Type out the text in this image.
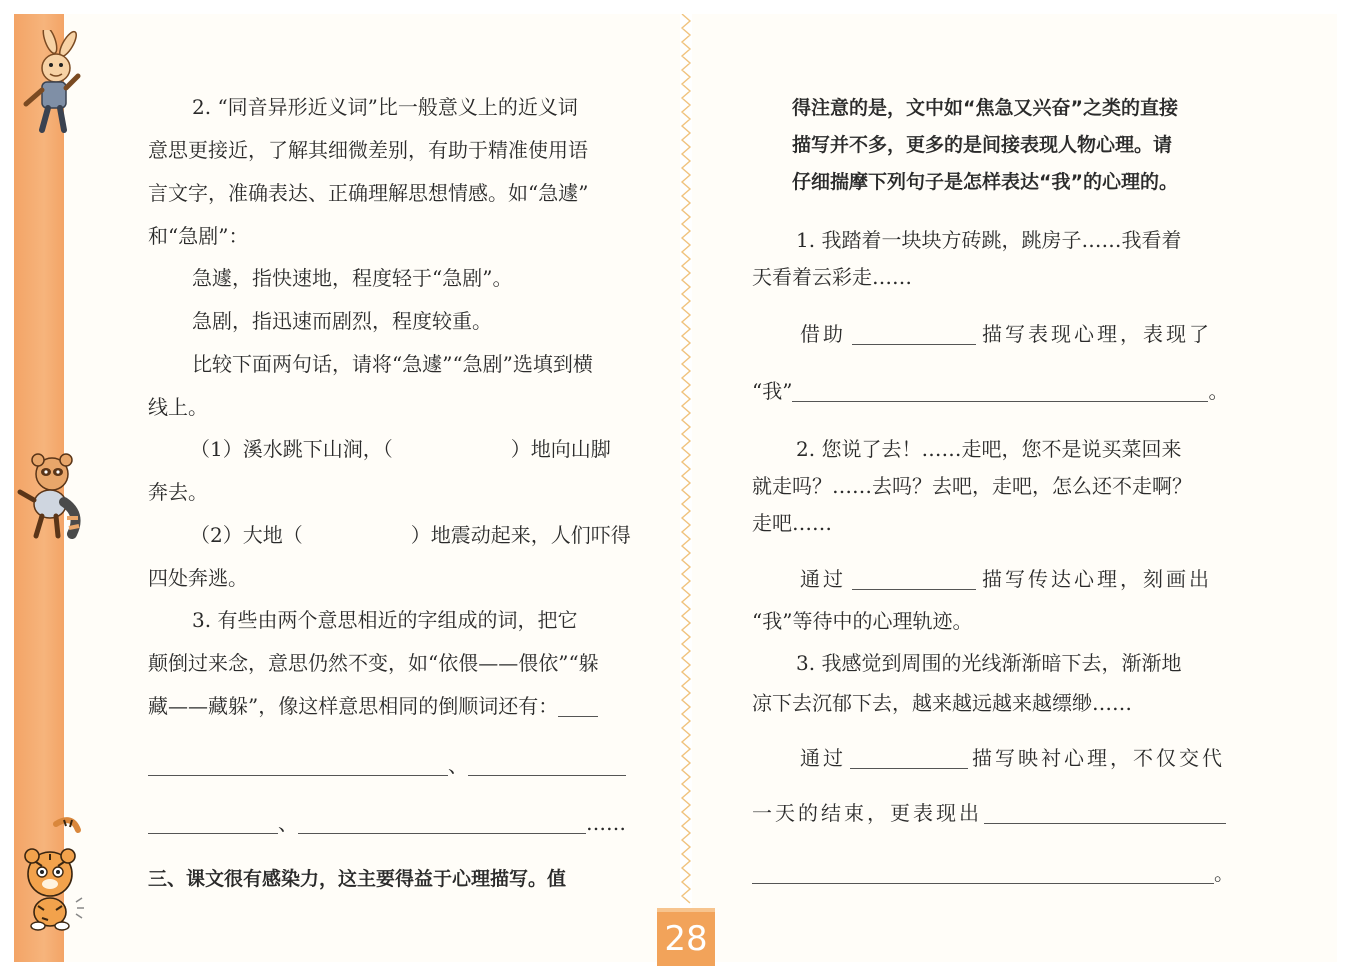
2. “同音异形近义词”比一般意义上的近义词
意思更接近，了解其细微差别，有助于精准使用语
言文字，准确表达、正确理解思想情感。如“急遽”
和“急剧”：
急遽，指快速地，程度轻于“急剧”。
急剧，指迅速而剧烈，程度较重。
比较下面两句话，请将“急遽”“急剧”选填到横
线上。
（1）溪水跳下山涧，（	）地向山脚
奔去。
（2）大地（	）地震动起来，人们吓得
四处奔逃。
3. 有些由两个意思相近的字组成的词，把它
颠倒过来念，意思仍然不变，如“依偎——偎依”“躲
藏——藏躲”，像这样意思相同的倒顺词还有：
、
、	……
三、课文很有感染力，这主要得益于心理描写。值
得注意的是，文中如“焦急又兴奋”之类的直接
描写并不多，更多的是间接表现人物心理。请
仔细揣摩下列句子是怎样表达“我”的心理的。
1. 我踏着一块块方砖跳，跳房子……我看着
天看着云彩走……
借助	描写表现心理，表现了
“我”	。
2. 您说了去！……走吧，您不是说买菜回来
就走吗？……去吗？去吧，走吧，怎么还不走啊？
走吧……
通过	描写传达心理，刻画出
“我”等待中的心理轨迹。
3. 我感觉到周围的光线渐渐暗下去，渐渐地
凉下去沉郁下去，越来越远越来越缥缈……
通过	描写映衬心理，不仅交代
一天的结束，更表现出
。
28
